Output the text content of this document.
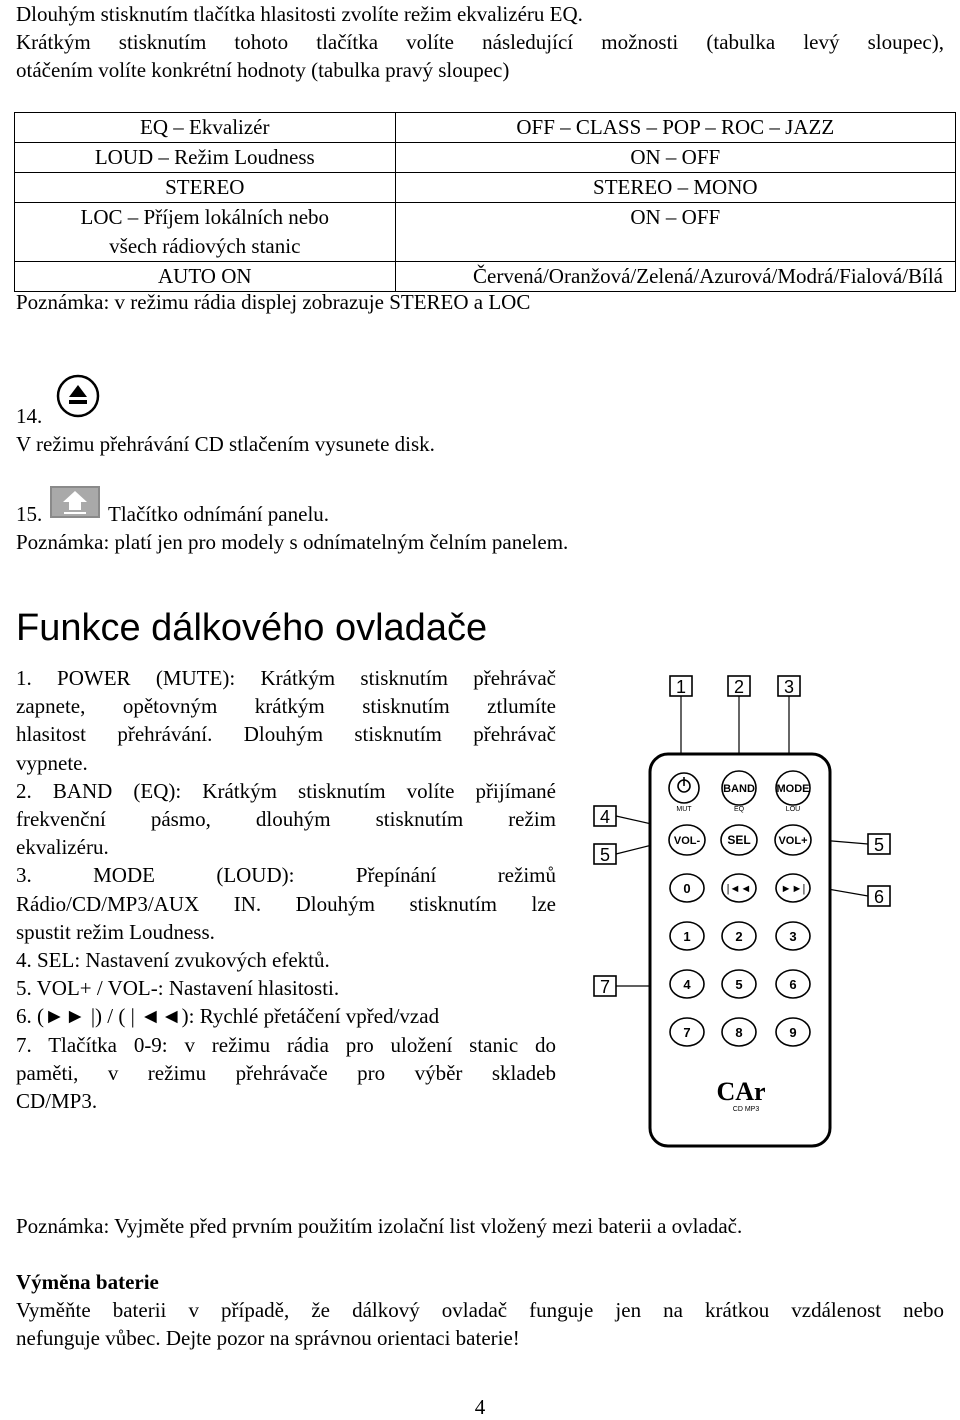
Dlouhým stisknutím tlačítka hlasitosti zvolíte režim ekvalizéru EQ.
Krátkým stisknutím tohoto tlačítka volíte následující možnosti (tabulka levý sloupec),
otáčením volíte konkrétní hodnoty (tabulka pravý sloupec)
EQ – Ekvalizér	OFF – CLASS – POP – ROC – JAZZ
LOUD – Režim Loudness	ON – OFF
STEREO	STEREO – MONO
LOC – Příjem lokálních nebo všech rádiových stanic	ON – OFF
AUTO ON	Červená/Oranžová/Zelená/Azurová/Modrá/Fialová/Bílá
Poznámka: v režimu rádia displej zobrazuje STEREO a LOC
14.
V režimu přehrávání CD stlačením vysunete disk.
15.	Tlačítko odnímání panelu.
Poznámka: platí jen pro modely s odnímatelným čelním panelem.
Funkce dálkového ovladače
1. POWER (MUTE): Krátkým stisknutím přehrávač
zapnete, opětovným krátkým stisknutím ztlumíte
hlasitost přehrávání. Dlouhým stisknutím přehrávač
vypnete.
2. BAND (EQ): Krátkým stisknutím volíte přijímané
frekvenční pásmo, dlouhým stisknutím režim
ekvalizéru.
3. MODE (LOUD): Přepínání režimů
Rádio/CD/MP3/AUX IN. Dlouhým stisknutím lze
spustit režim Loudness.
4. SEL: Nastavení zvukových efektů.
5. VOL+ / VOL-: Nastavení hlasitosti.
6. (►► |) / ( | ◄◄): Rychlé přetáčení vpřed/vzad
7. Tlačítka 0-9: v režimu rádia pro uložení stanic do
paměti, v režimu přehrávače pro výběr skladeb
CD/MP3.
1	2 3
4
5	5
6
7
MUT
BAND
EQ
MODE
LOU
VOL- SEL	VOL+
0	|◄◄	►►|
1	2	3
4	5	6
7	8	9
CAr
CD MP3
Poznámka: Vyjměte před prvním použitím izolační list vložený mezi baterii a ovladač.
Výměna baterie
Vyměňte baterii v případě, že dálkový ovladač funguje jen na krátkou vzdálenost nebo
nefunguje vůbec. Dejte pozor na správnou orientaci baterie!
4
